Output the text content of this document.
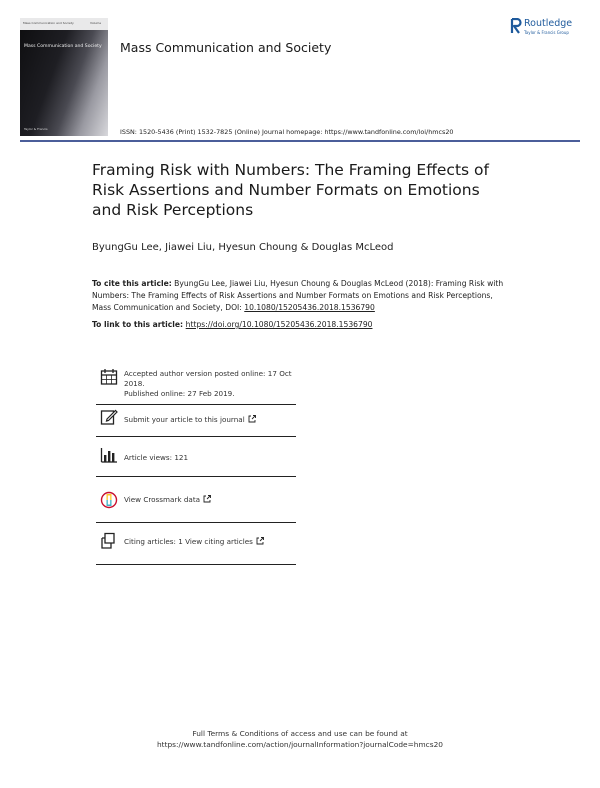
Mass Communication and Society	Volume
Mass Communication and Society
Taylor & Francis
Mass Communication and Society
Routledge
Taylor & Francis Group
ISSN: 1520-5436 (Print) 1532-7825 (Online) Journal homepage: https://www.tandfonline.com/loi/hmcs20
Framing Risk with Numbers: The Framing Effects of Risk Assertions and Number Formats on Emotions and Risk Perceptions
ByungGu Lee, Jiawei Liu, Hyesun Choung & Douglas McLeod
To cite this article: ByungGu Lee, Jiawei Liu, Hyesun Choung & Douglas McLeod (2018): Framing Risk with Numbers: The Framing Effects of Risk Assertions and Number Formats on Emotions and Risk Perceptions, Mass Communication and Society, DOI: 10.1080/15205436.2018.1536790
To link to this article: https://doi.org/10.1080/15205436.2018.1536790
Accepted author version posted online: 17 Oct 2018.
Published online: 27 Feb 2019.
Submit your article to this journal
Article views: 121
View Crossmark data
Citing articles: 1 View citing articles
Full Terms & Conditions of access and use can be found at
https://www.tandfonline.com/action/journalInformation?journalCode=hmcs20
